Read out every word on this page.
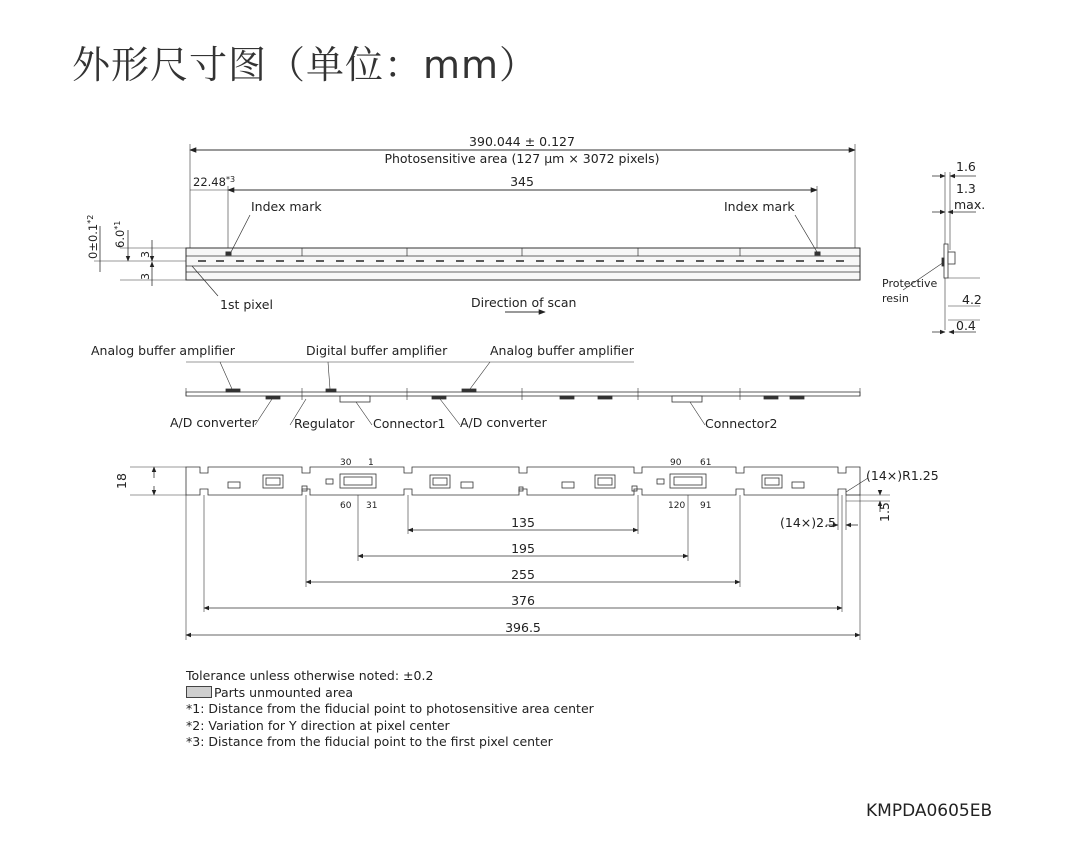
外形尺寸图（单位：mm）
390.044 ± 0.127
Photosensitive area (127 μm × 3072 pixels)
345
22.48$^{*3}$
Index mark	Index mark
1st pixel	Direction of scan
$0\pm 0.1^{*2}$
6.0$^{*1}$
3
3
1.6
1.3
max.
Protective
resin	4.2
0.4
Analog buffer amplifier	Digital buffer amplifier	Analog buffer amplifier
A/D converter	Regulator Connector1 A/D converter	Connector2
18
30 1
60 31
90 61
120 91
(14×)R1.25
(14×)2.5
1.5
135
195
255
376
396.5
Tolerance unless otherwise noted: ±0.2
Parts unmounted area
*1: Distance from the fiducial point to photosensitive area center
*2: Variation for Y direction at pixel center
*3: Distance from the fiducial point to the first pixel center
KMPDA0605EB
